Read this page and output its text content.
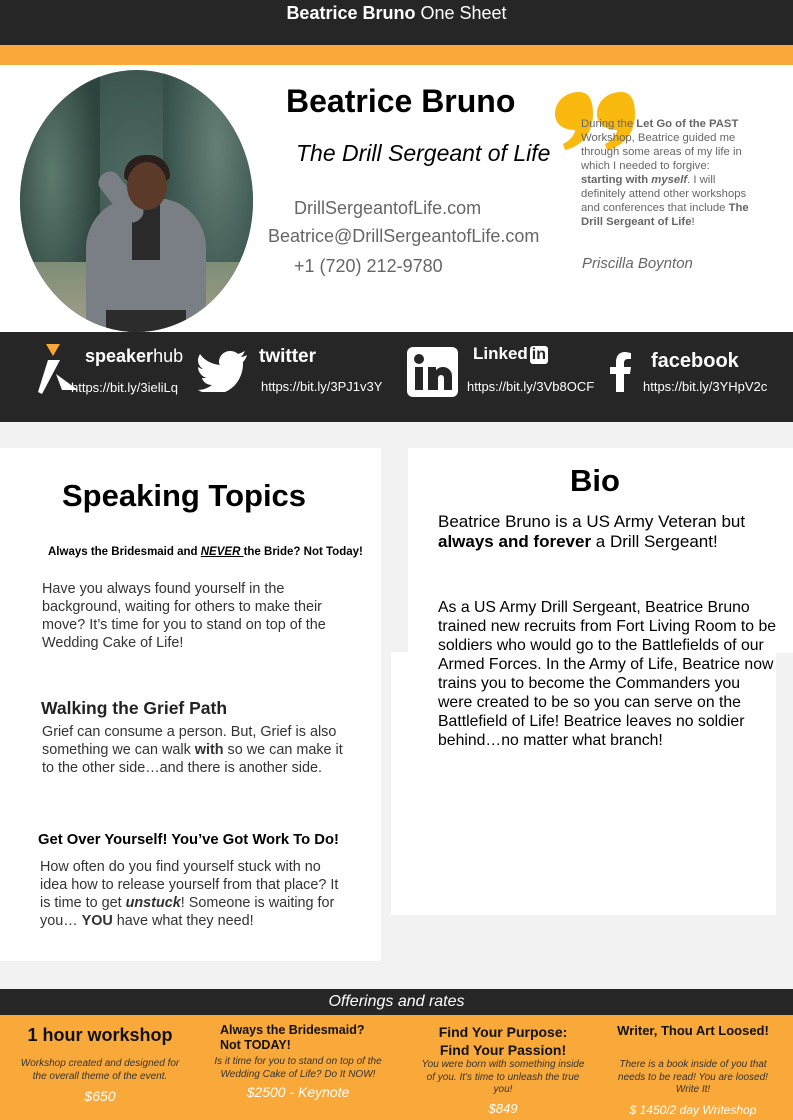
Beatrice Bruno One Sheet
Beatrice Bruno
The Drill Sergeant of Life
DrillSergeantofLife.com
Beatrice@DrillSergeantofLife.com
+1 (720) 212-9780
During the Let Go of the PAST Workshop, Beatrice guided me through some areas of my life in which I needed to forgive: starting with myself. I will definitely attend other workshops and conferences that include The Drill Sergeant of Life!
Priscilla Boynton
speakerhub
https://bit.ly/3ieliLq
twitter
https://bit.ly/3PJ1v3Y
Linked in
https://bit.ly/3Vb8OCF
facebook
https://bit.ly/3YHpV2c
Speaking Topics
Always the Bridesmaid and NEVER the Bride? Not Today!
Have you always found yourself in the background, waiting for others to make their move? It’s time for you to stand on top of the Wedding Cake of Life!
Walking the Grief Path
Grief can consume a person. But, Grief is also something we can walk with so we can make it to the other side…and there is another side.
Get Over Yourself! You’ve Got Work To Do!
How often do you find yourself stuck with no idea how to release yourself from that place? It is time to get unstuck! Someone is waiting for you… YOU have what they need!
Bio
Beatrice Bruno is a US Army Veteran but always and forever a Drill Sergeant!
As a US Army Drill Sergeant, Beatrice Bruno trained new recruits from Fort Living Room to be soldiers who would go to the Battlefields of our Armed Forces. In the Army of Life, Beatrice now trains you to become the Commanders you were created to be so you can serve on the Battlefield of Life! Beatrice leaves no soldier behind…no matter what branch!
Offerings and rates
1 hour workshop
Workshop created and designed for the overall theme of the event.
$650
Always the Bridesmaid? Not TODAY!
Is it time for you to stand on top of the Wedding Cake of Life? Do It NOW!
$2500 - Keynote
Find Your Purpose: Find Your Passion!
You were born with something inside of you. It’s time to unleash the true you!
$849
Writer, Thou Art Loosed!
There is a book inside of you that needs to be read! You are loosed! Write It!
$ 1450/2 day Writeshop
